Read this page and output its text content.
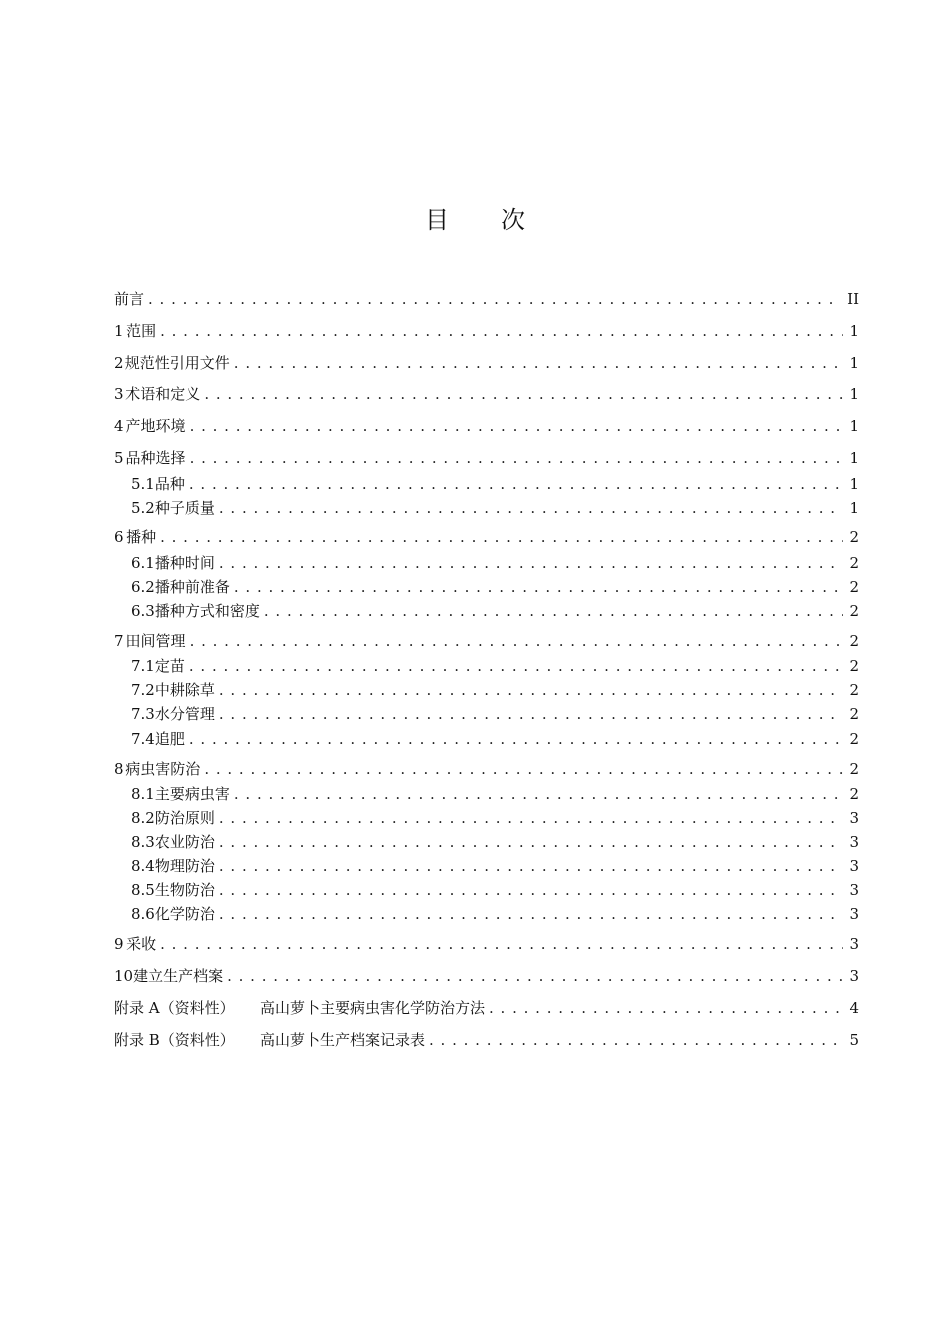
目 次
前言 . . .	II
1 范围 . . .	1
2 规范性引用文件 . . .	1
3 术语和定义 . . .	1
4 产地环境 . . .	1
5 品种选择 . . .	1
5.1 品种 . . .	1
5.2 种子质量 . . .	1
6 播种 . . .	2
6.1 播种时间 . . .	2
6.2 播种前准备 . . .	2
6.3 播种方式和密度 . . .	2
7 田间管理 . . .	2
7.1 定苗 . . .	2
7.2 中耕除草 . . .	2
7.3 水分管理 . . .	2
7.4 追肥 . . .	2
8 病虫害防治 . . .	2
8.1 主要病虫害 . . .	2
8.2 防治原则 . . .	3
8.3 农业防治 . . .	3
8.4 物理防治 . . .	3
8.5 生物防治 . . .	3
8.6 化学防治 . . .	3
9 采收 . . .	3
10 建立生产档案 . . .	3
附录 A（资料性）	高山萝卜主要病虫害化学防治方法 . . .	4
附录 B（资料性）	高山萝卜生产档案记录表 . . .	5
